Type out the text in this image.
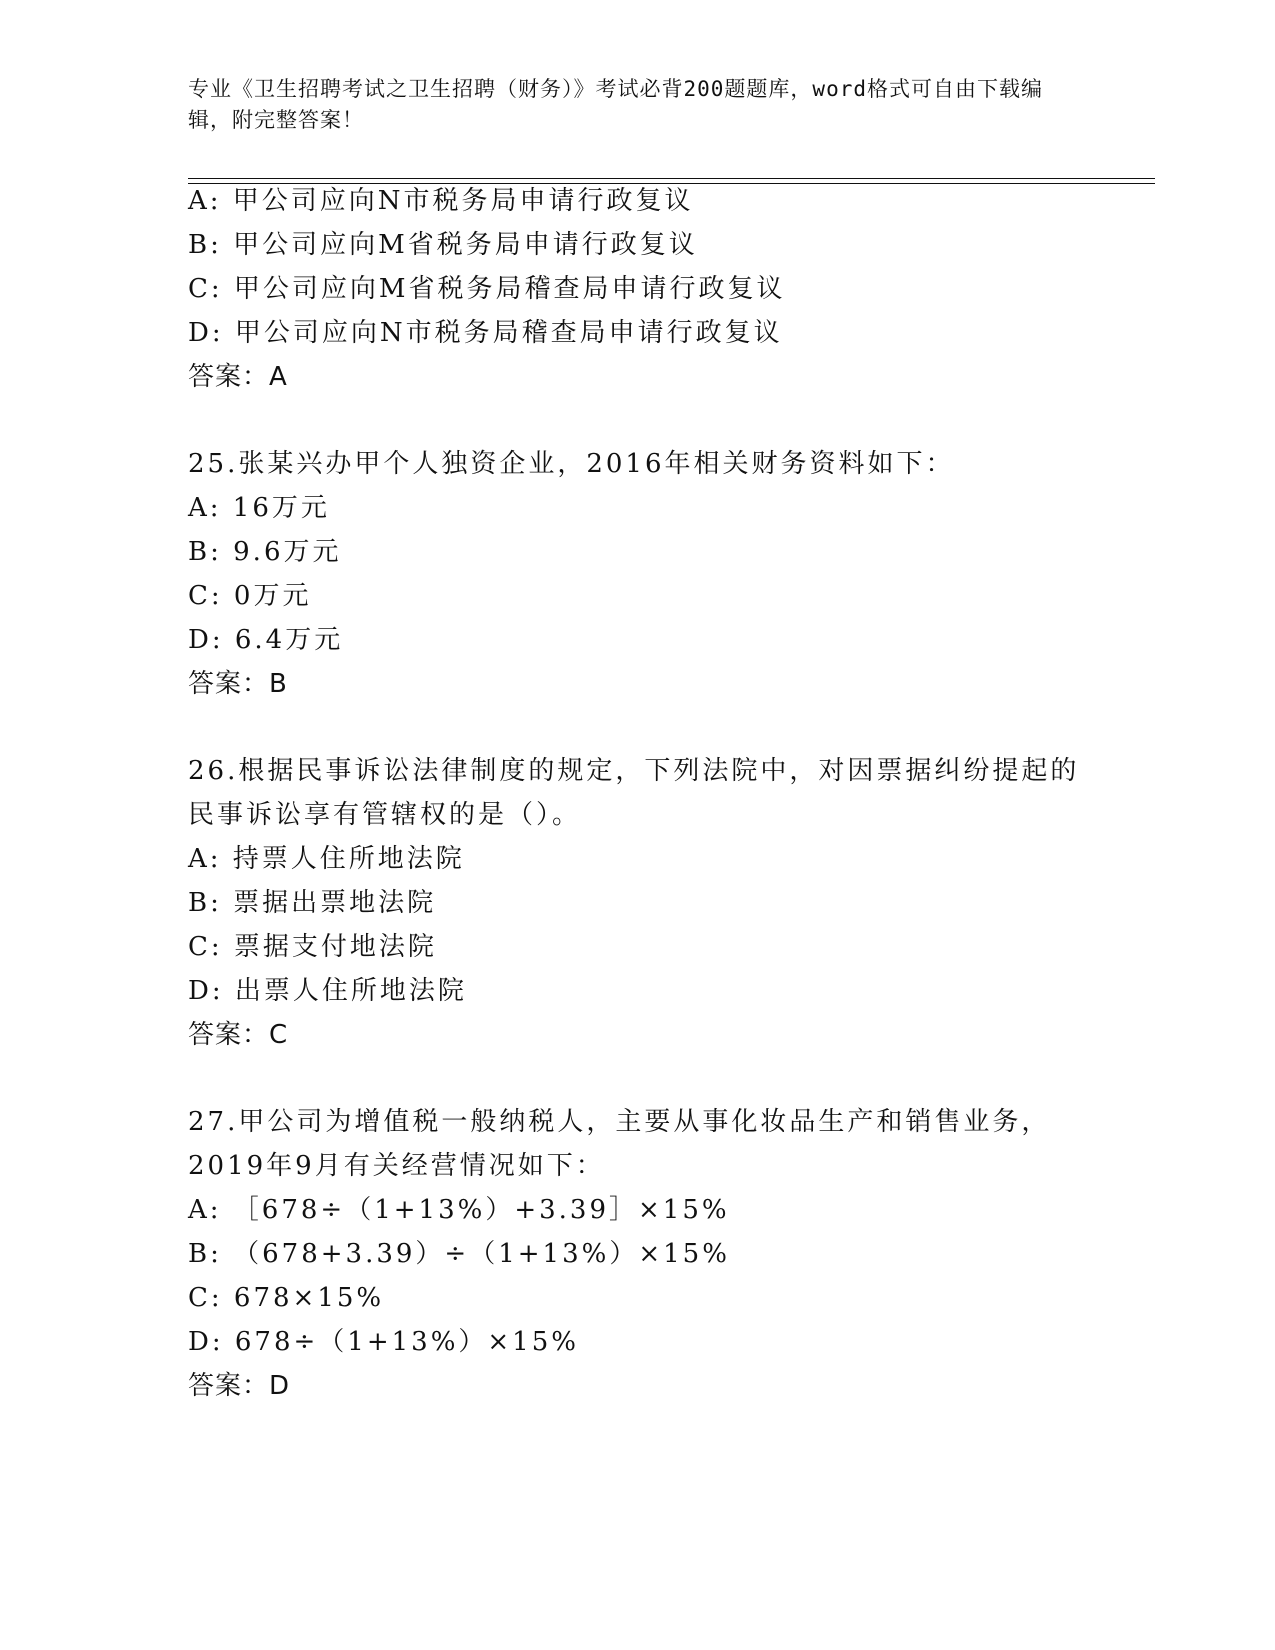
专业《卫生招聘考试之卫生招聘（财务）》考试必背200题题库，word格式可自由下载编辑，附完整答案！
A: 甲公司应向N市税务局申请行政复议
B: 甲公司应向M省税务局申请行政复议
C: 甲公司应向M省税务局稽查局申请行政复议
D: 甲公司应向N市税务局稽查局申请行政复议
答案：A
25.张某兴办甲个人独资企业，2016年相关财务资料如下：
A: 16万元
B: 9.6万元
C: 0万元
D: 6.4万元
答案：B
26.根据民事诉讼法律制度的规定，下列法院中，对因票据纠纷提起的
民事诉讼享有管辖权的是（）。
A: 持票人住所地法院
B: 票据出票地法院
C: 票据支付地法院
D: 出票人住所地法院
答案：C
27.甲公司为增值税一般纳税人，主要从事化妆品生产和销售业务，
2019年9月有关经营情况如下：
A: ［678÷（1+13%）+3.39］×15%
B: （678+3.39）÷（1+13%）×15%
C: 678×15%
D: 678÷（1+13%）×15%
答案：D
